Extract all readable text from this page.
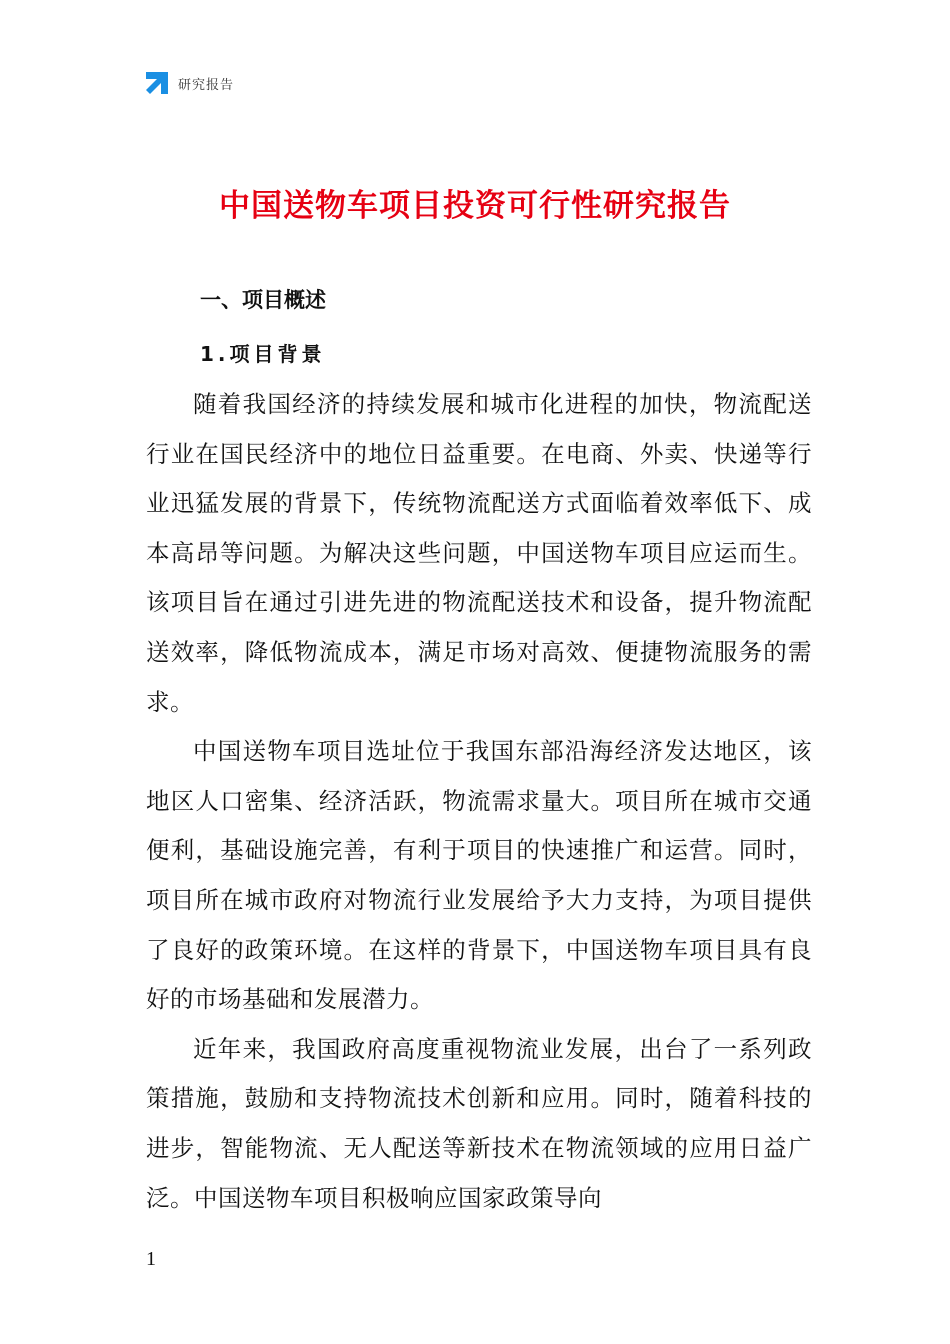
研究报告
中国送物车项目投资可行性研究报告
一、项目概述
1.项目背景

随着我国经济的持续发展和城市化进程的加快，物流配送行业在国民经济中的地位日益重要。在电商、外卖、快递等行业迅猛发展的背景下，传统物流配送方式面临着效率低下、成本高昂等问题。为解决这些问题，中国送物车项目应运而生。该项目旨在通过引进先进的物流配送技术和设备，提升物流配送效率，降低物流成本，满足市场对高效、便捷物流服务的需求。

中国送物车项目选址位于我国东部沿海经济发达地区，该地区人口密集、经济活跃，物流需求量大。项目所在城市交通便利，基础设施完善，有利于项目的快速推广和运营。同时，项目所在城市政府对物流行业发展给予大力支持，为项目提供了良好的政策环境。在这样的背景下，中国送物车项目具有良好的市场基础和发展潜力。

近年来，我国政府高度重视物流业发展，出台了一系列政策措施，鼓励和支持物流技术创新和应用。同时，随着科技的进步，智能物流、无人配送等新技术在物流领域的应用日益广泛。中国送物车项目积极响应国家政策导向

1
